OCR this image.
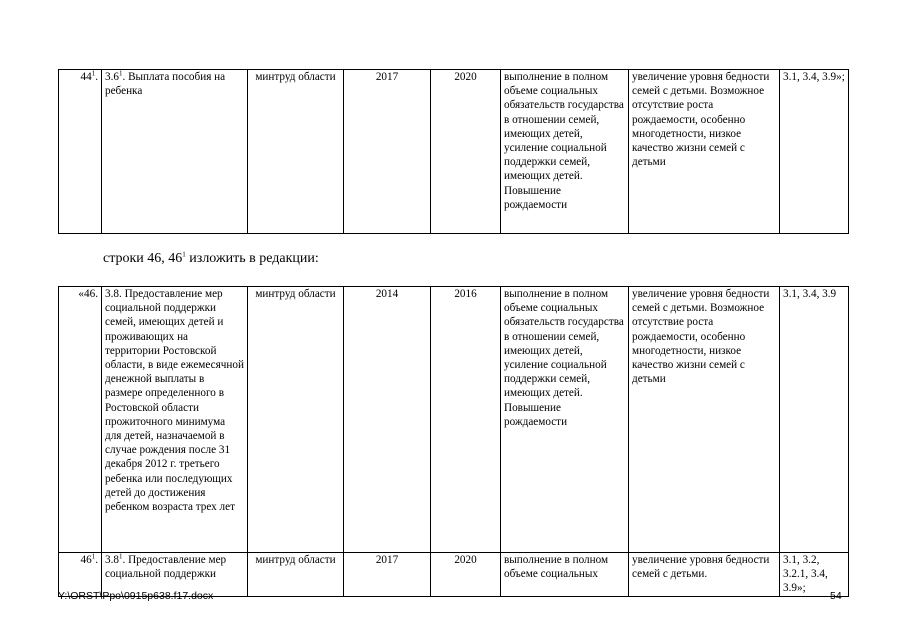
$44^1$.	$3.6^1$. Выплата пособия на ребенка	минтруд области	2017	2020	выполнение в полном объеме социальных обязательств государства в отношении семей, имеющих детей, усиление социальной поддержки семей, имеющих детей. Повышение рождаемости	увеличение уровня бедности семей с детьми. Возможное отсутствие роста рождаемости, особенно многодетности, низкое качество жизни семей с детьми	3.1, 3.4, 3.9»;
строки 46, $46^1$ изложить в редакции:
«46.	3.8. Предоставление мер социальной поддержки семей, имеющих детей и проживающих на территории Ростовской области, в виде ежемесячной денежной выплаты в размере определенного в Ростовской области прожиточного минимума для детей, назначаемой в случае рождения после 31 декабря 2012 г. третьего ребенка или последующих детей до достижения ребенком возраста трех лет	минтруд области	2014	2016	выполнение в полном объеме социальных обязательств государства в отношении семей, имеющих детей, усиление социальной поддержки семей, имеющих детей. Повышение рождаемости	увеличение уровня бедности семей с детьми. Возможное отсутствие роста рождаемости, особенно многодетности, низкое качество жизни семей с детьми	3.1, 3.4, 3.9
$46^1$.	$3.8^1$. Предоставление мер социальной поддержки	минтруд области	2017	2020	выполнение в полном объеме социальных	увеличение уровня бедности семей с детьми.	3.1, 3.2, 3.2.1, 3.4, 3.9»;
Y:\ORST\Ppo\0915p638.f17.docx	54
